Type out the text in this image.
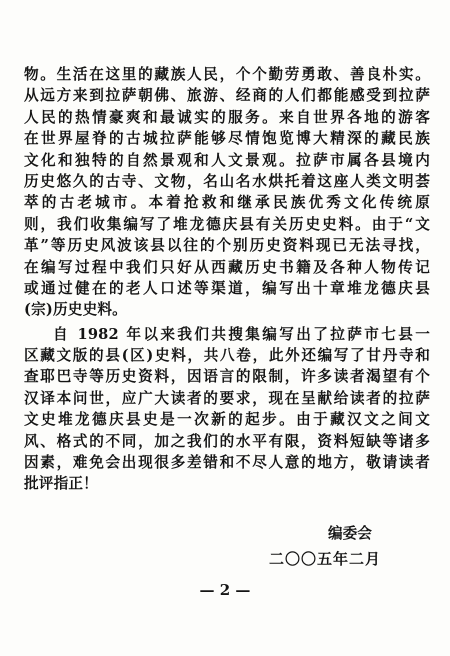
物。生活在这里的藏族人民，个个勤劳勇敢、善良朴实。
从远方来到拉萨朝佛、旅游、经商的人们都能感受到拉萨
人民的热情豪爽和最诚实的服务。来自世界各地的游客
在世界屋脊的古城拉萨能够尽情饱览博大精深的藏民族
文化和独特的自然景观和人文景观。拉萨市属各县境内
历史悠久的古寺、文物，名山名水烘托着这座人类文明荟
萃的古老城市。本着抢救和继承民族优秀文化传统原
则，我们收集编写了堆龙德庆县有关历史史料。由于“文
革”等历史风波该县以往的个别历史资料现已无法寻找，
在编写过程中我们只好从西藏历史书籍及各种人物传记
或通过健在的老人口述等渠道，编写出十章堆龙德庆县
(宗)历史史料。
自 1982 年以来我们共搜集编写出了拉萨市七县一
区藏文版的县(区)史料，共八卷，此外还编写了甘丹寺和
查耶巴寺等历史资料，因语言的限制，许多读者渴望有个
汉译本问世，应广大读者的要求，现在呈献给读者的拉萨
文史堆龙德庆县史是一次新的起步。由于藏汉文之间文
风、格式的不同，加之我们的水平有限，资料短缺等诸多
因素，难免会出现很多差错和不尽人意的地方，敬请读者
批评指正！
编委会
二〇〇五年二月
— 2 —
